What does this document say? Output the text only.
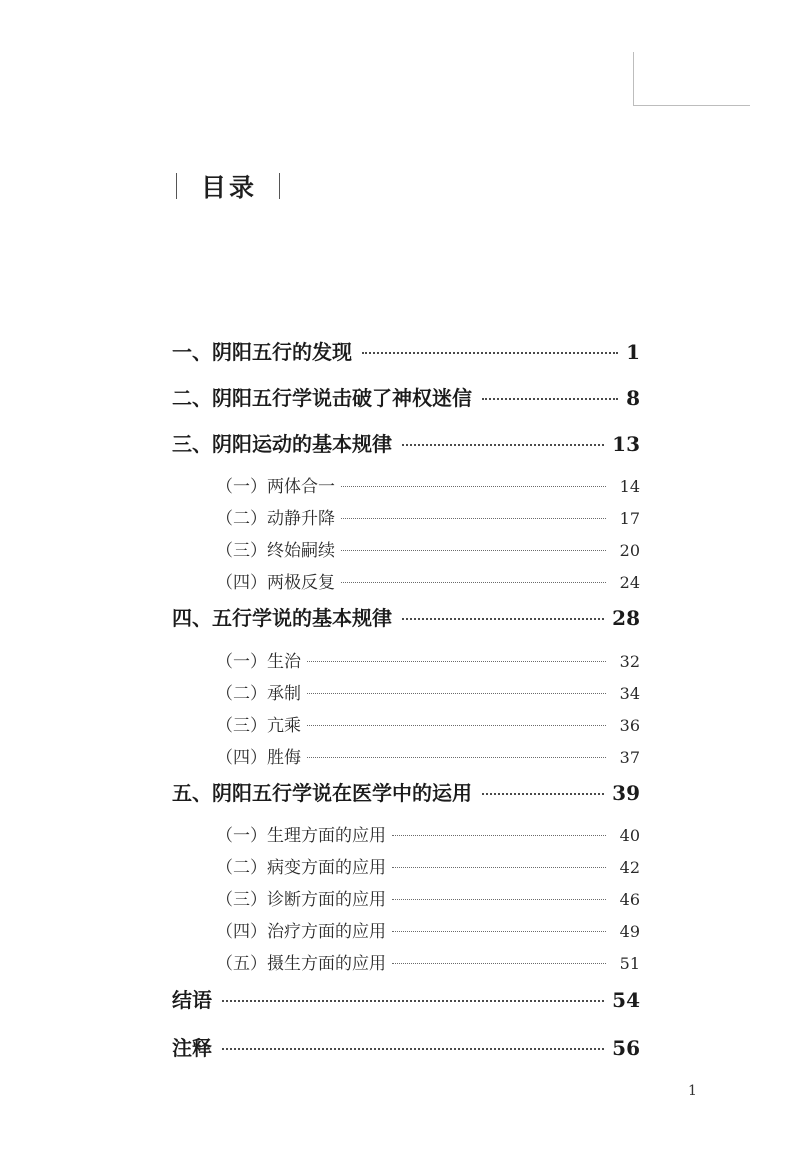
目录
一、阴阳五行的发现	1
二、阴阳五行学说击破了神权迷信	8
三、阴阳运动的基本规律	13
（一）两体合一	14
（二）动静升降	17
（三）终始嗣续	20
（四）两极反复	24
四、五行学说的基本规律	28
（一）生治	32
（二）承制	34
（三）亢乘	36
（四）胜侮	37
五、阴阳五行学说在医学中的运用	39
（一）生理方面的应用	40
（二）病变方面的应用	42
（三）诊断方面的应用	46
（四）治疗方面的应用	49
（五）摄生方面的应用	51
结语	54
注释	56
1
